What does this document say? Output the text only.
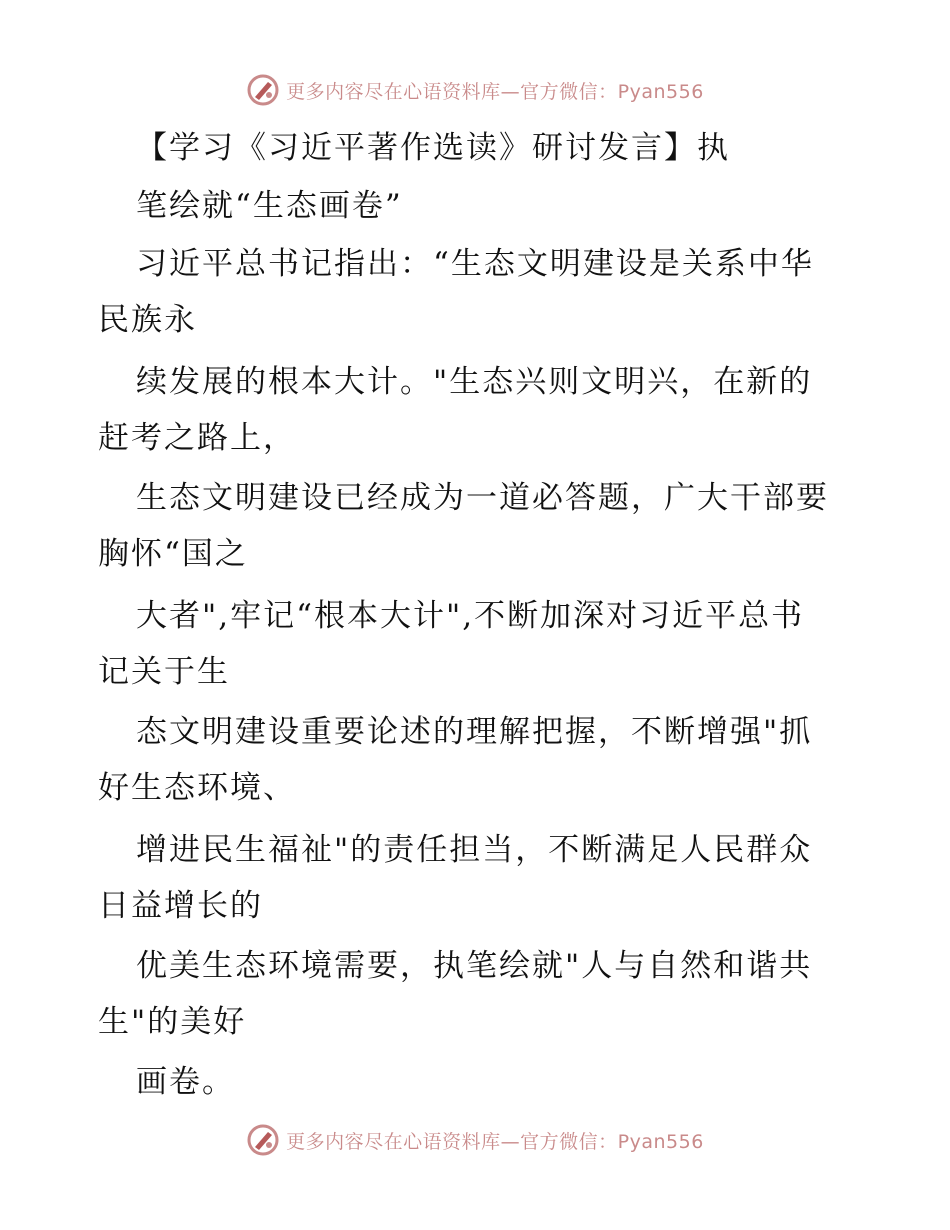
更多内容尽在心语资料库—官方微信：Pyan556
【学习《习近平著作选读》研讨发言】执
笔绘就“生态画卷”
习近平总书记指出：“生态文明建设是关系中华
民族永
续发展的根本大计。"生态兴则文明兴，在新的
赶考之路上，
生态文明建设已经成为一道必答题，广大干部要
胸怀“国之
大者",牢记“根本大计",不断加深对习近平总书
记关于生
态文明建设重要论述的理解把握，不断增强"抓
好生态环境、
增进民生福祉"的责任担当，不断满足人民群众
日益增长的
优美生态环境需要，执笔绘就"人与自然和谐共
生"的美好
画卷。
更多内容尽在心语资料库—官方微信：Pyan556
